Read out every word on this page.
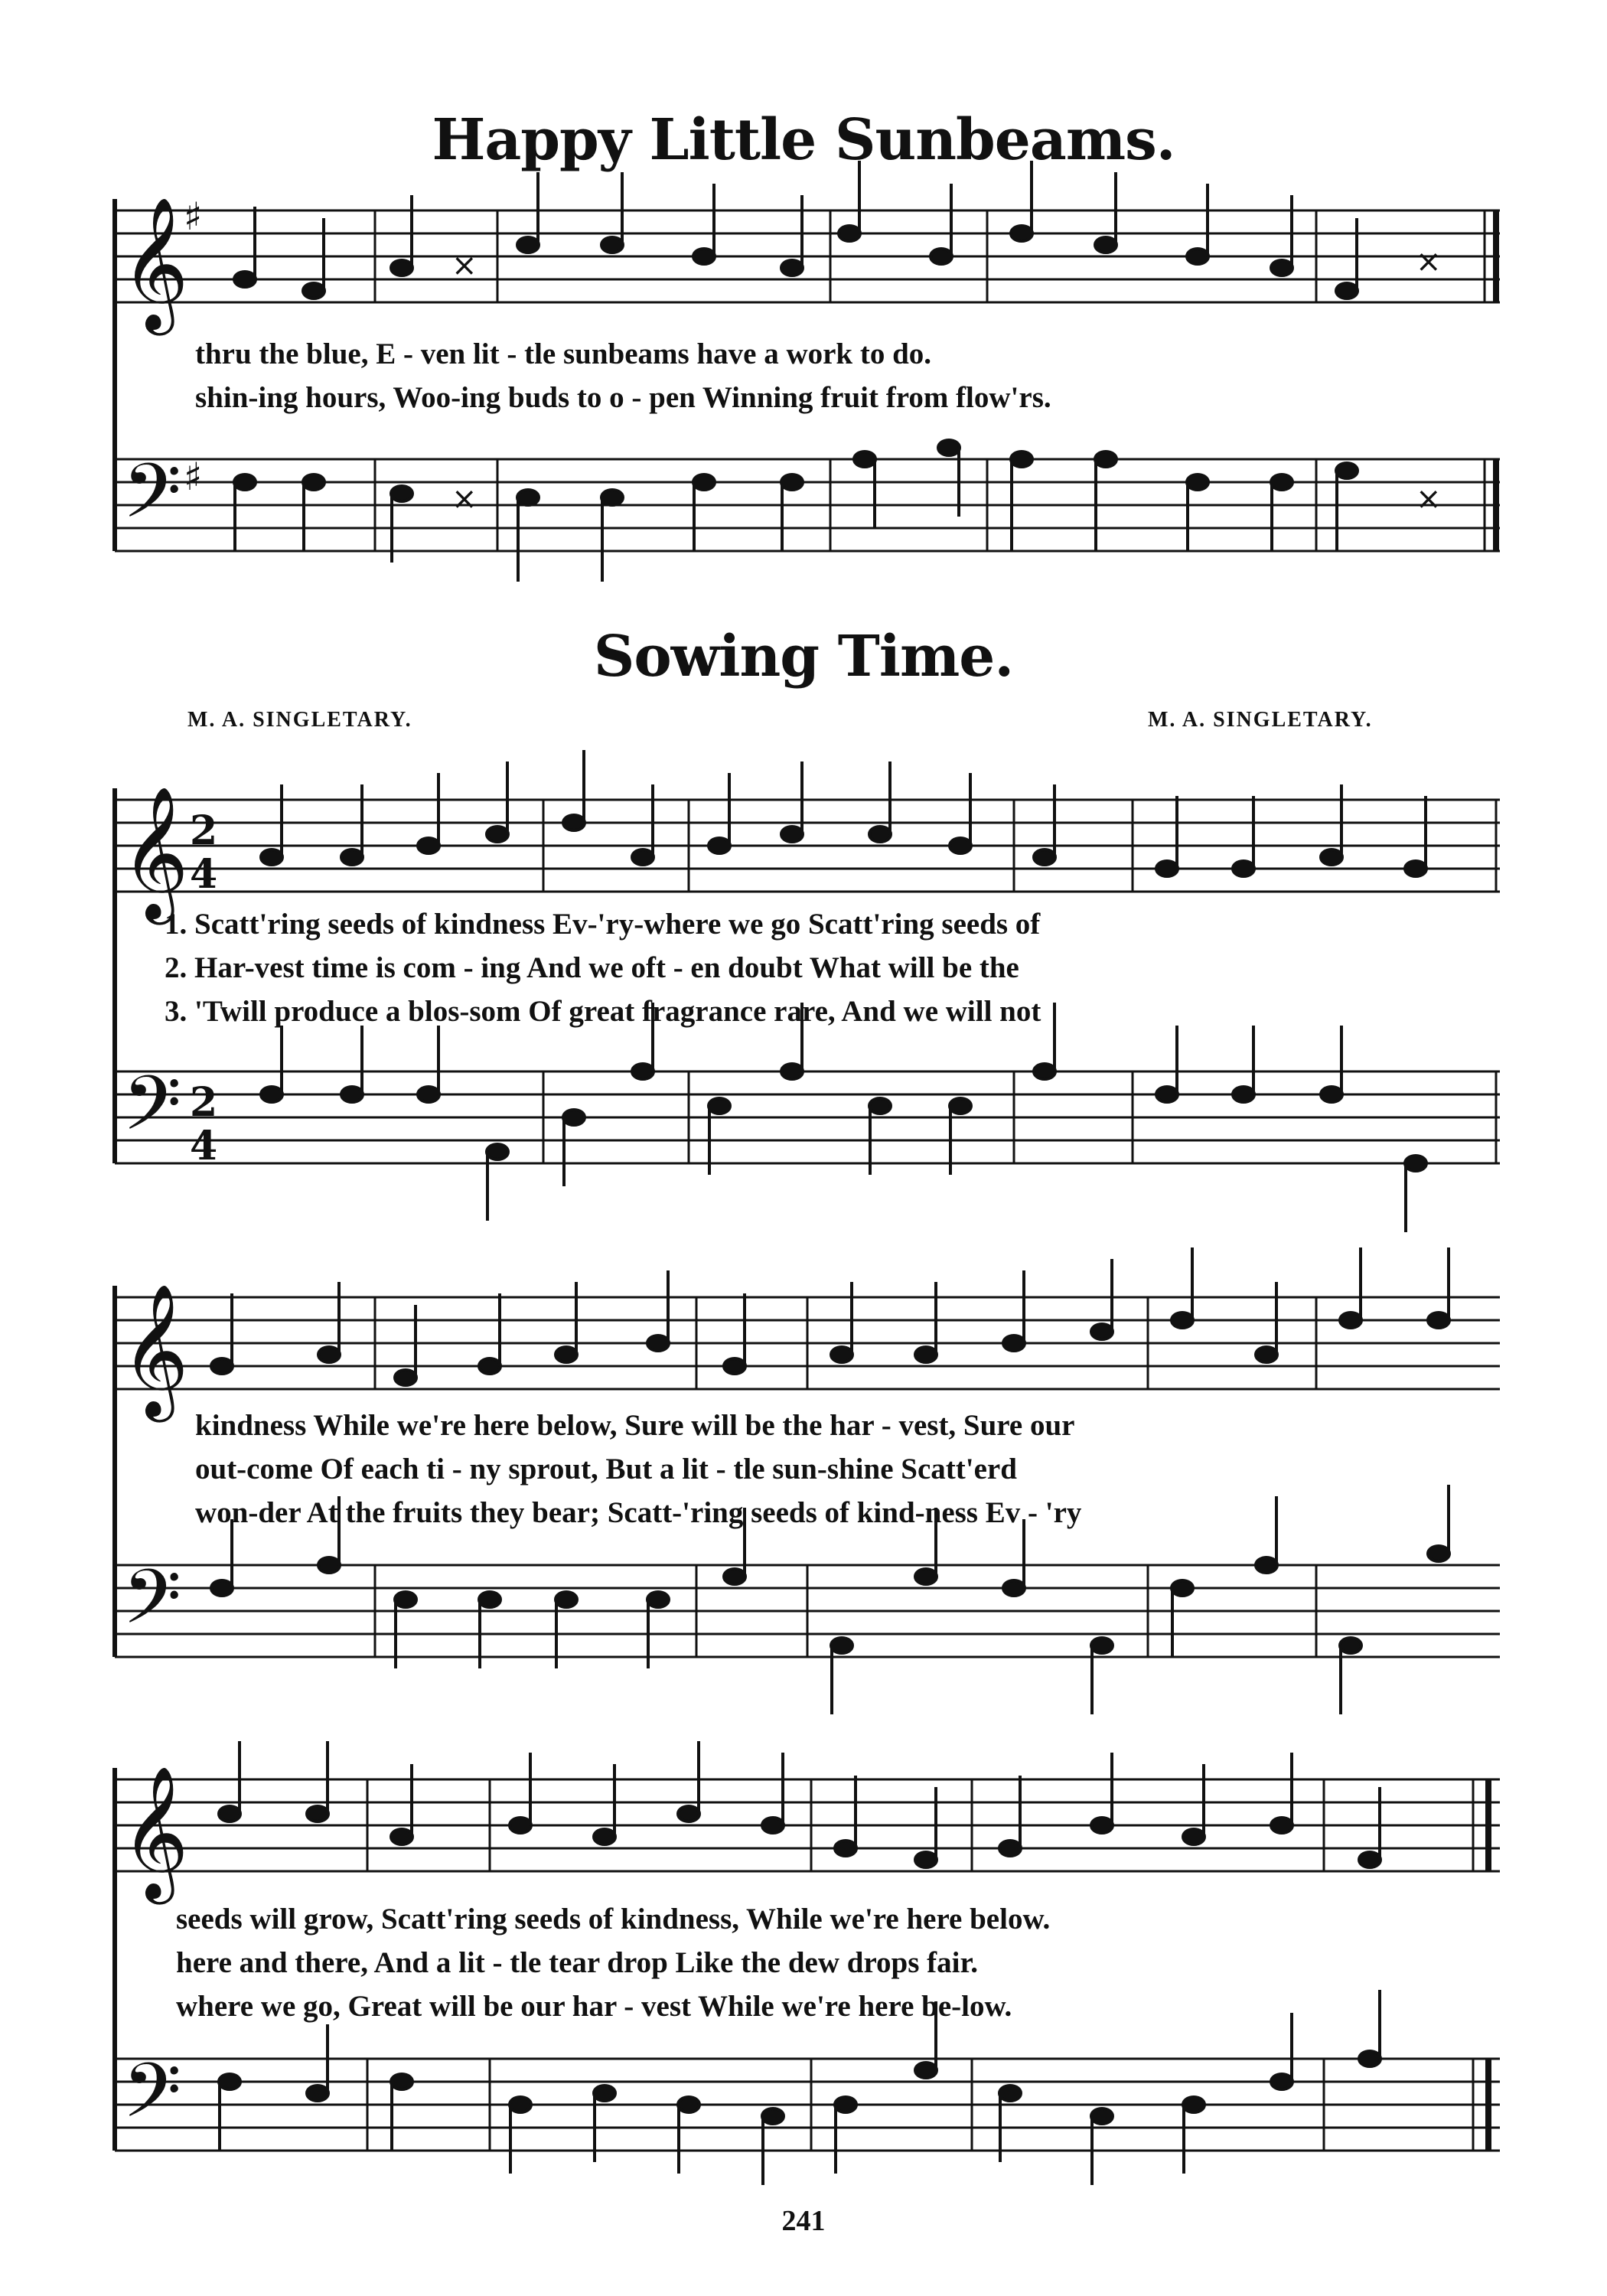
Happy Little Sunbeams.
Sowing Time.
M. A. SINGLETARY.	M. A. SINGLETARY.
𝄞
𝄢
♯
♯
×	×
×	×
𝄞 2
4
𝄢 2
4
𝄞
𝄢
𝄞
𝄢
thru the blue, E - ven lit - tle sunbeams have a work to do.
shin-ing hours, Woo-ing buds to o - pen Winning fruit from flow'rs.
1. Scatt'ring seeds of kindness Ev-'ry-where we go Scatt'ring seeds of
2. Har-vest time is com - ing And we oft - en doubt What will be the
3. 'Twill produce a blos-som Of great fragrance rare, And we will not
kindness While we're here below, Sure will be the har - vest, Sure our
out-come Of each ti - ny sprout, But a lit - tle sun-shine Scatt'erd
won-der At the fruits they bear; Scatt-'ring seeds of kind-ness Ev - 'ry
seeds will grow, Scatt'ring seeds of kindness, While we're here below.
here and there, And a lit - tle tear drop Like the dew drops fair.
where we go, Great will be our har - vest While we're here be-low.
241
